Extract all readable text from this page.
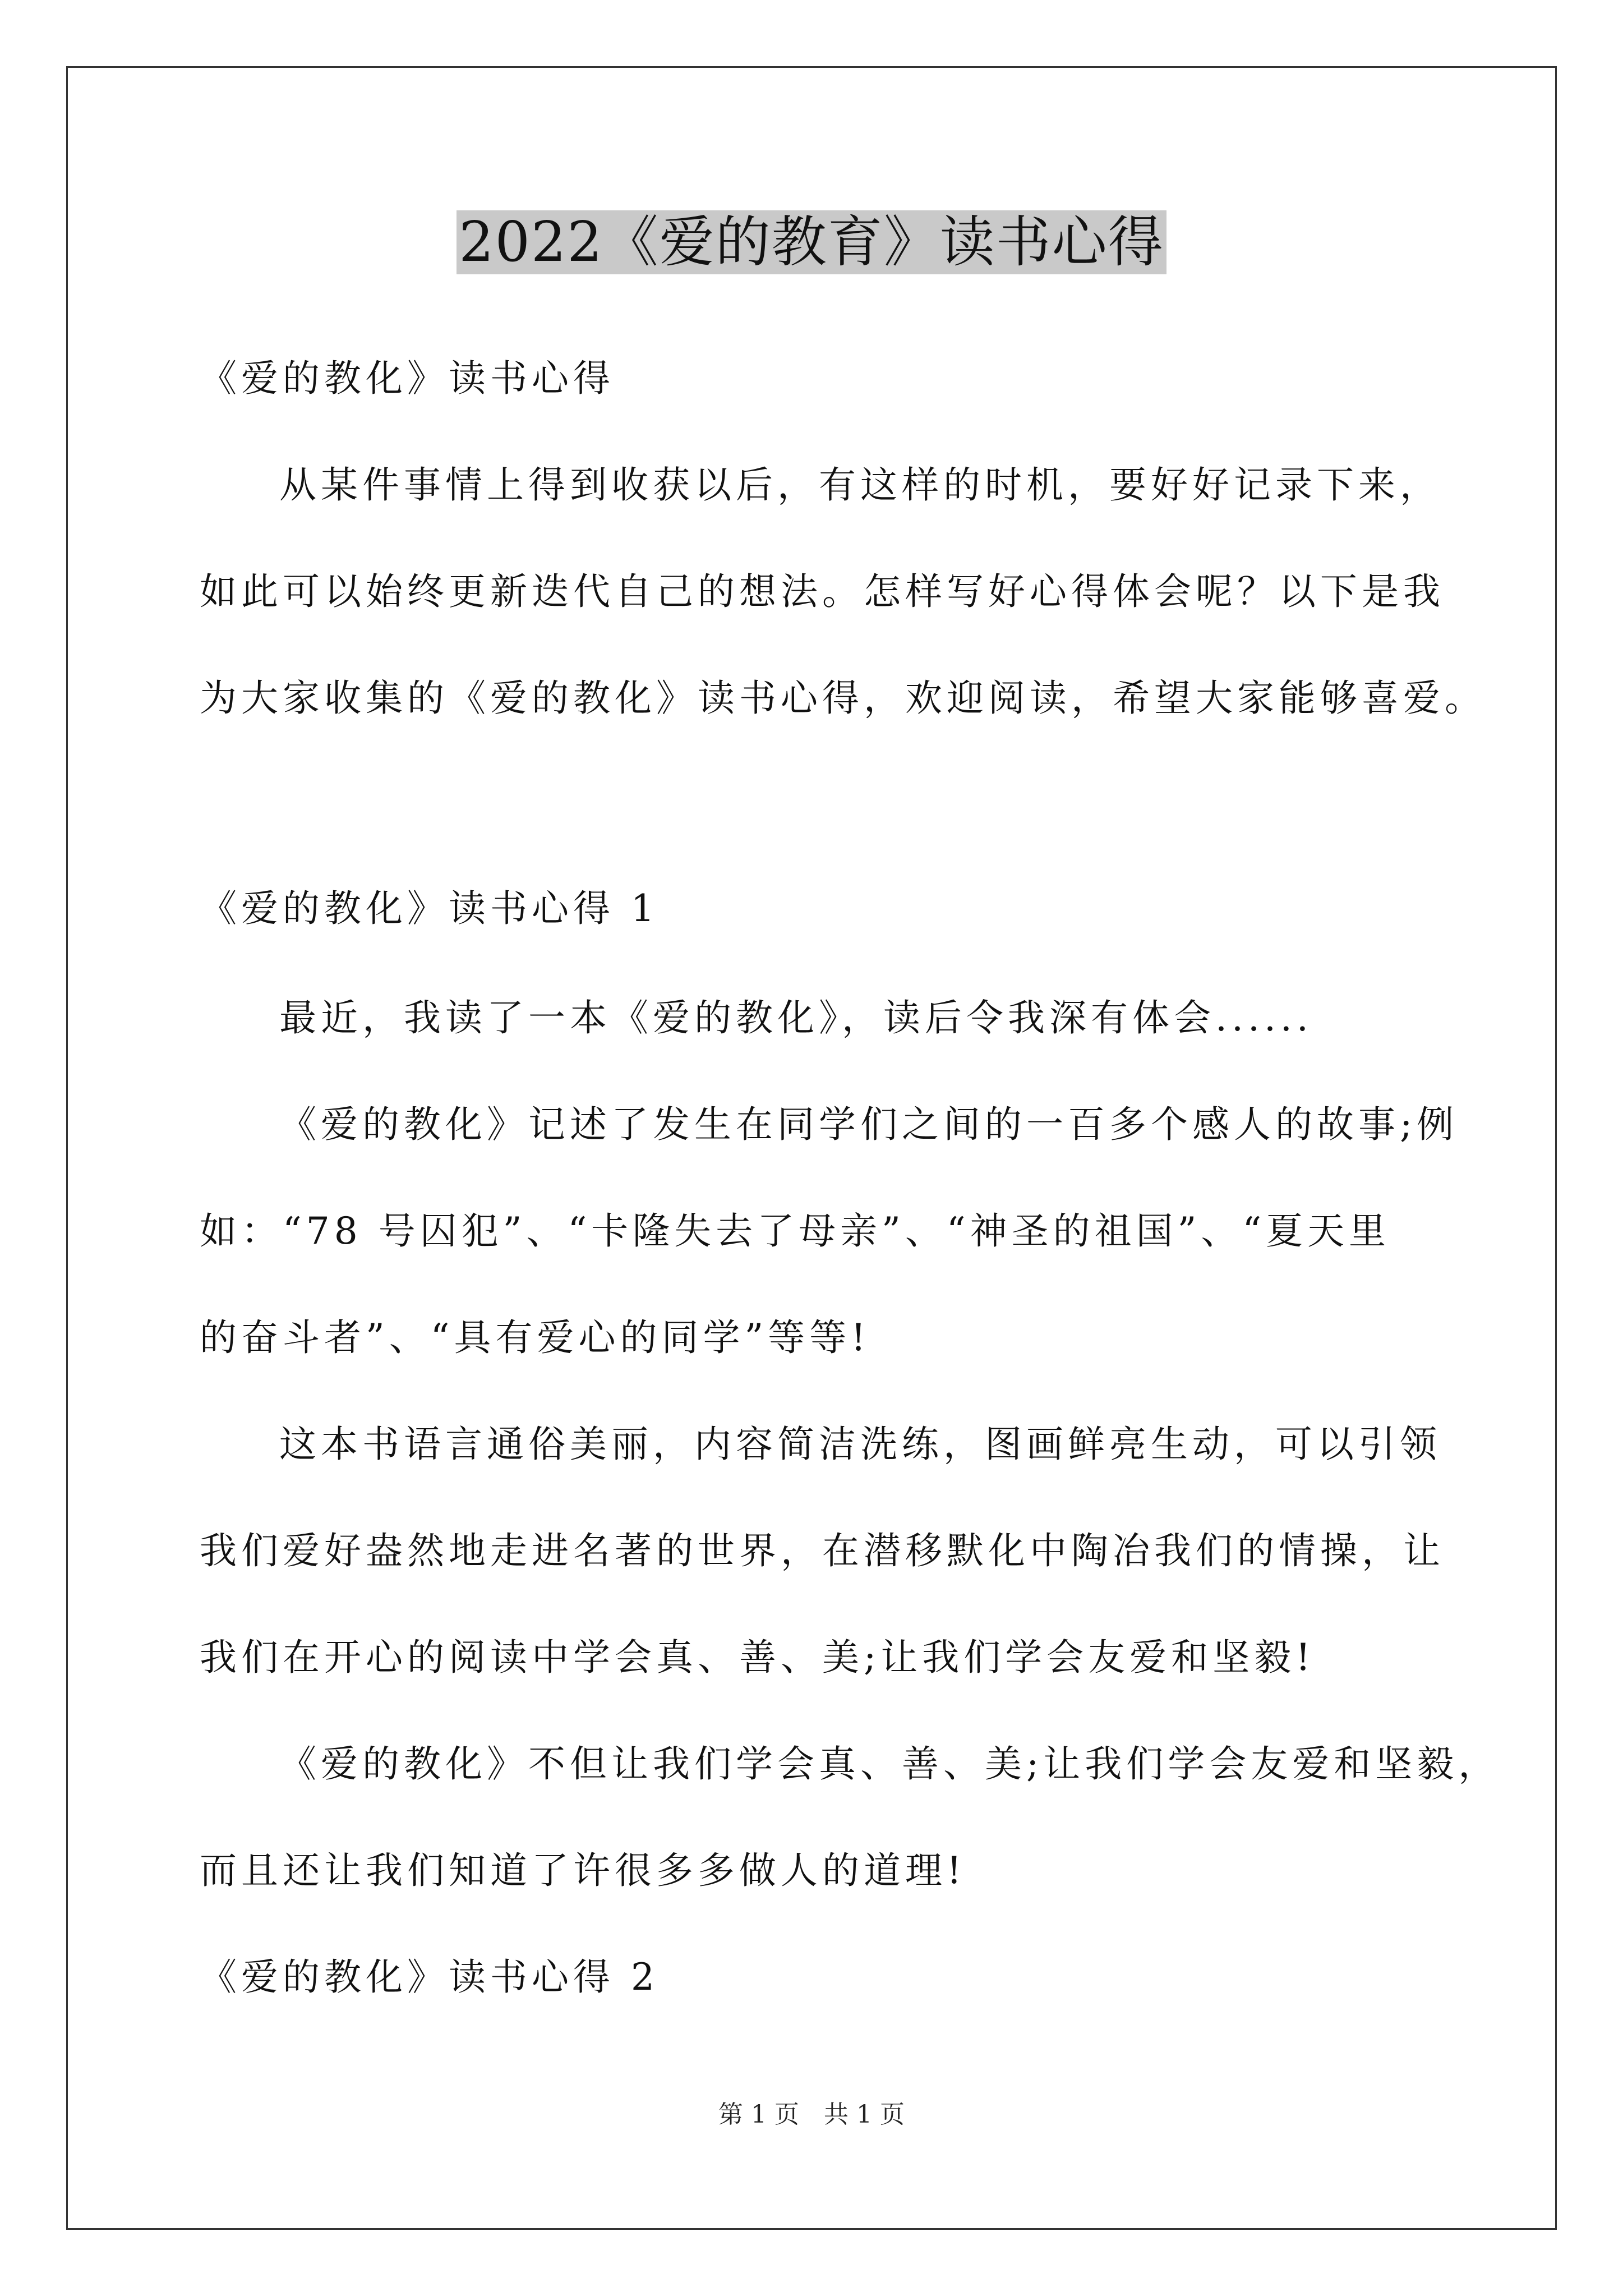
2022《爱的教育》读书心得
《爱的教化》读书心得
从某件事情上得到收获以后，有这样的时机，要好好记录下来，
如此可以始终更新迭代自己的想法。怎样写好心得体会呢？以下是我
为大家收集的《爱的教化》读书心得，欢迎阅读，希望大家能够喜爱。
《爱的教化》读书心得 1
最近，我读了一本《爱的教化》，读后令我深有体会......
《爱的教化》记述了发生在同学们之间的一百多个感人的故事;例
如：“78 号囚犯”、“卡隆失去了母亲”、“神圣的祖国”、“夏天里
的奋斗者”、“具有爱心的同学”等等!
这本书语言通俗美丽，内容简洁洗练，图画鲜亮生动，可以引领
我们爱好盎然地走进名著的世界，在潜移默化中陶冶我们的情操，让
我们在开心的阅读中学会真、善、美;让我们学会友爱和坚毅!
《爱的教化》不但让我们学会真、善、美;让我们学会友爱和坚毅，
而且还让我们知道了许很多多做人的道理!
《爱的教化》读书心得 2
第 1 页　共 1 页
